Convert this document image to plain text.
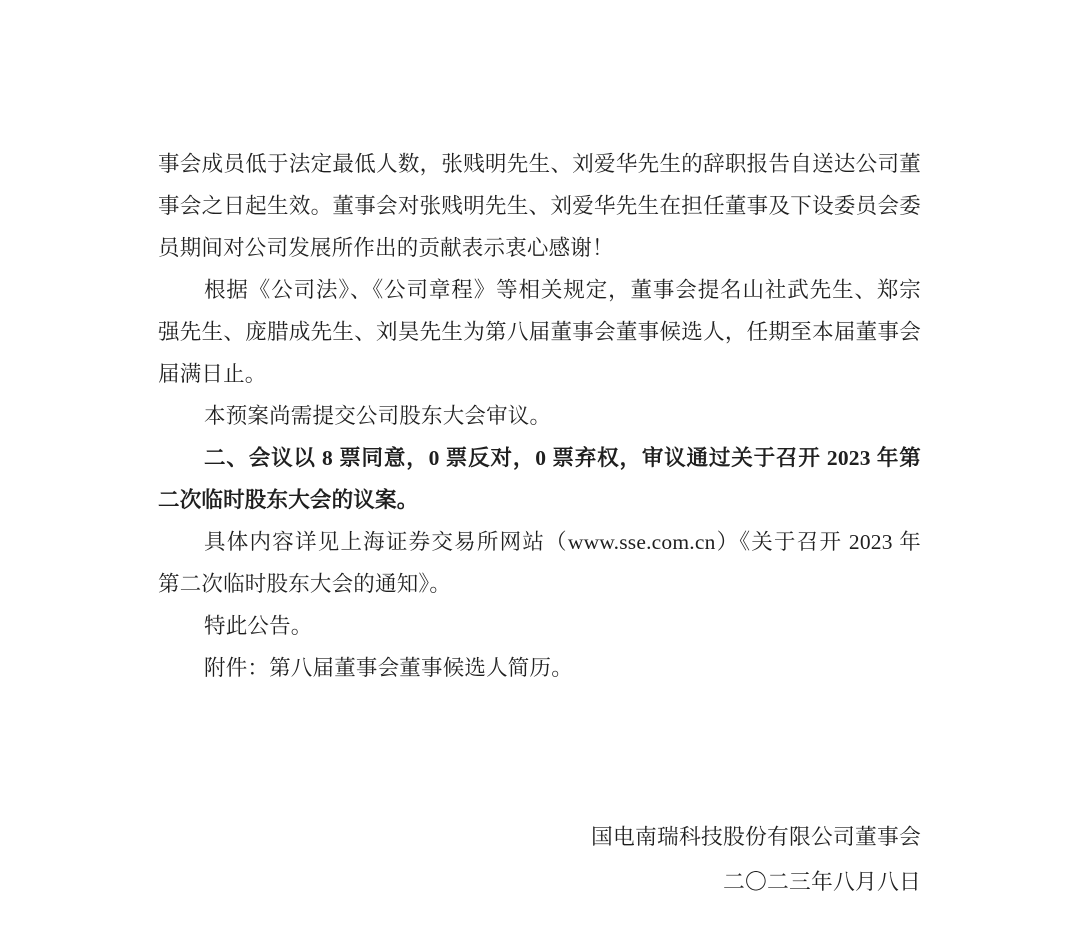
事会成员低于法定最低人数，张贱明先生、刘爱华先生的辞职报告自送达公司董
事会之日起生效。董事会对张贱明先生、刘爱华先生在担任董事及下设委员会委
员期间对公司发展所作出的贡献表示衷心感谢！
根据《公司法》、《公司章程》等相关规定，董事会提名山社武先生、郑宗
强先生、庞腊成先生、刘昊先生为第八届董事会董事候选人，任期至本届董事会
届满日止。
本预案尚需提交公司股东大会审议。
二、会议以 8 票同意，0 票反对，0 票弃权，审议通过关于召开 2023 年第
二次临时股东大会的议案。
具体内容详见上海证券交易所网站（www.sse.com.cn）《关于召开 2023 年
第二次临时股东大会的通知》。
特此公告。
附件：第八届董事会董事候选人简历。
国电南瑞科技股份有限公司董事会
二〇二三年八月八日
